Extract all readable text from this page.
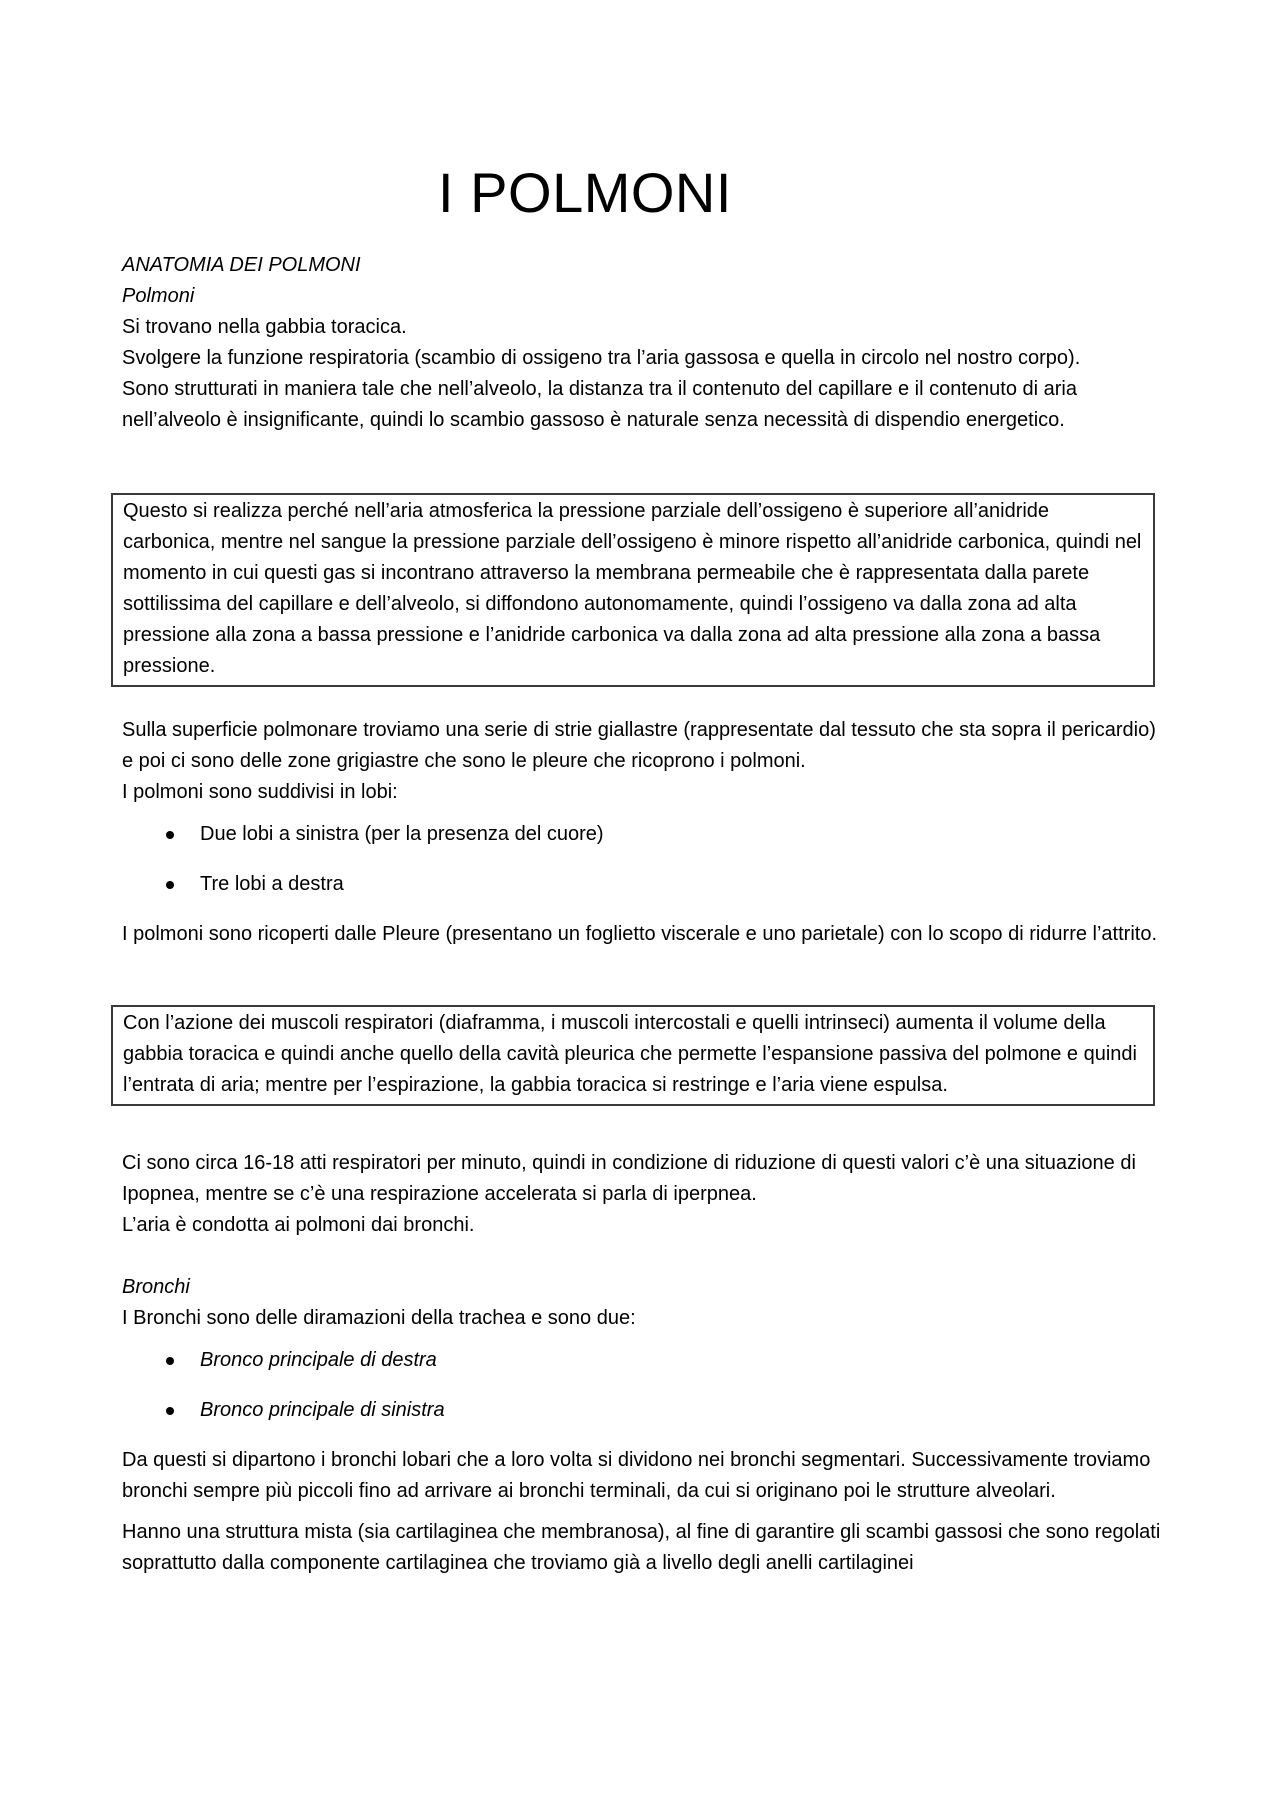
I POLMONI

ANATOMIA DEI POLMONI

Polmoni

Si trovano nella gabbia toracica.

Svolgere la funzione respiratoria (scambio di ossigeno tra l’aria gassosa e quella in circolo nel nostro corpo).

Sono strutturati in maniera tale che nell’alveolo, la distanza tra il contenuto del capillare e il contenuto di aria nell’alveolo è insignificante, quindi lo scambio gassoso è naturale senza necessità di dispendio energetico.

Questo si realizza perché nell’aria atmosferica la pressione parziale dell’ossigeno è superiore all’anidride carbonica, mentre nel sangue la pressione parziale dell’ossigeno è minore rispetto all’anidride carbonica, quindi nel momento in cui questi gas si incontrano attraverso la membrana permeabile che è rappresentata dalla parete sottilissima del capillare e dell’alveolo, si diffondono autonomamente, quindi l’ossigeno va dalla zona ad alta pressione alla zona a bassa pressione e l’anidride carbonica va dalla zona ad alta pressione alla zona a bassa pressione.

Sulla superficie polmonare troviamo una serie di strie giallastre (rappresentate dal tessuto che sta sopra il pericardio) e poi ci sono delle zone grigiastre che sono le pleure che ricoprono i polmoni.

I polmoni sono suddivisi in lobi:

Due lobi a sinistra (per la presenza del cuore)
Tre lobi a destra

I polmoni sono ricoperti dalle Pleure (presentano un foglietto viscerale e uno parietale) con lo scopo di ridurre l’attrito.

Con l’azione dei muscoli respiratori (diaframma, i muscoli intercostali e quelli intrinseci) aumenta il volume della gabbia toracica e quindi anche quello della cavità pleurica che permette l’espansione passiva del polmone e quindi l’entrata di aria; mentre per l’espirazione, la gabbia toracica si restringe e l’aria viene espulsa.

Ci sono circa 16-18 atti respiratori per minuto, quindi in condizione di riduzione di questi valori c’è una situazione di Ipopnea, mentre se c’è una respirazione accelerata si parla di iperpnea.

L’aria è condotta ai polmoni dai bronchi.

Bronchi

I Bronchi sono delle diramazioni della trachea e sono due:

Bronco principale di destra
Bronco principale di sinistra

Da questi si dipartono i bronchi lobari che a loro volta si dividono nei bronchi segmentari. Successivamente troviamo bronchi sempre più piccoli fino ad arrivare ai bronchi terminali, da cui si originano poi le strutture alveolari.

Hanno una struttura mista (sia cartilaginea che membranosa), al fine di garantire gli scambi gassosi che sono regolati soprattutto dalla componente cartilaginea che troviamo già a livello degli anelli cartilaginei
